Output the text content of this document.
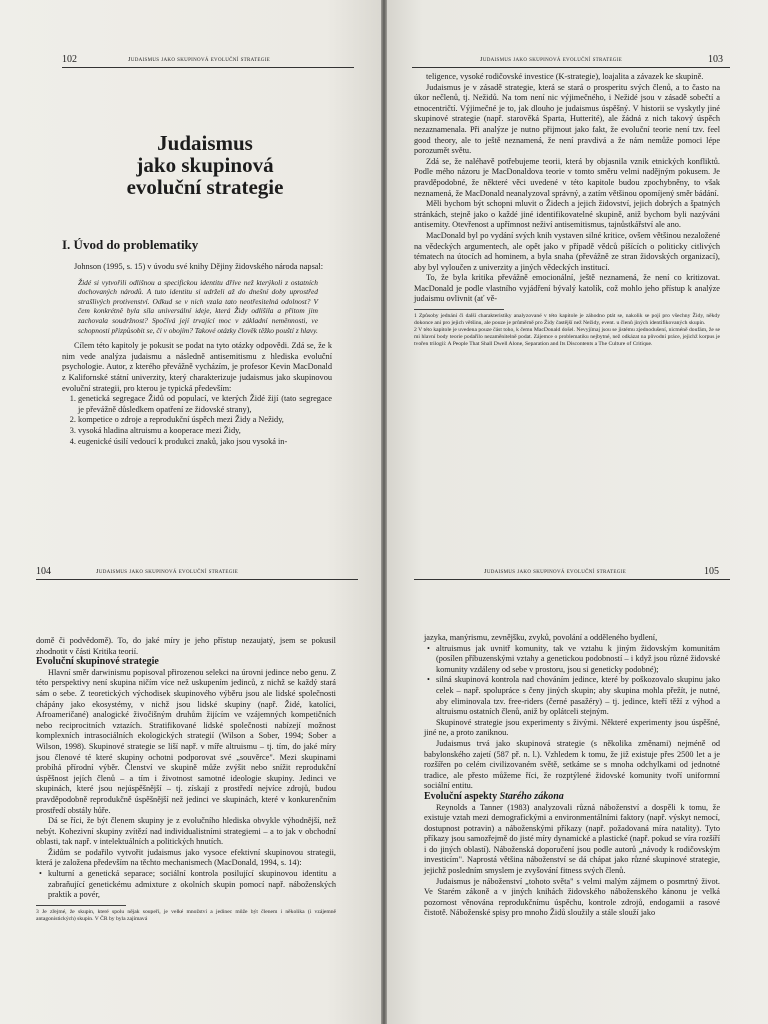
102	Judaismus jako skupinová evoluční strategie
Judaismus
jako skupinová
evoluční strategie
I. Úvod do problematiky

Johnson (1995, s. 15) v úvodu své knihy Dějiny židovského národa napsal:

Židé si vytvořili odlišnou a specifickou identitu dříve než kterýkoli z ostatních dochovaných národů. A tuto identitu si udrželi až do dnešní doby uprostřed strašlivých protivenství. Odkud se v nich vzala tato neotřesitelná odolnost? V čem konkrétně byla síla universální ideje, která Židy odlišila a přitom jim zachovala soudržnost? Spočívá její trvající moc v základní neměnnosti, ve schopnosti přizpůsobit se, či v obojím? Takové otázky člověk těžko pouští z hlavy.

Cílem této kapitoly je pokusit se podat na tyto otázky odpovědi. Zdá se, že k nim vede analýza judaismu a následně antisemitismu z hlediska evoluční psychologie. Autor, z kterého převážně vycházím, je profesor Kevin MacDonald z Kalifornské státní univerzity, který charakterizuje judaismus jako skupinovou evoluční strategii, pro kterou je typická především:

1. genetická segregace Židů od populací, ve kterých Židé žijí (tato segregace je převážně důsledkem opatření ze židovské strany),
2. kompetice o zdroje a reprodukční úspěch mezi Židy a Nežidy,
3. vysoká hladina altruismu a kooperace mezi Židy,
4. eugenické úsilí vedoucí k produkci znaků, jako jsou vysoká in-
Judaismus jako skupinová evoluční strategie	103

teligence, vysoké rodičovské investice (K-strategie), loajalita a závazek ke skupině.

Judaismus je v zásadě strategie, která se stará o prosperitu svých členů, a to často na úkor nečlenů, tj. Nežidů. Na tom není nic výjimečného, i Nežidé jsou v zásadě sobečtí a etnocentričtí. Výjimečné je to, jak dlouho je judaismus úspěšný. V historii se vyskytly jiné skupinové strategie (např. starověká Sparta, Hutterité), ale žádná z nich takový úspěch nezaznamenala. Při analýze je nutno přijmout jako fakt, že evoluční teorie není tzv. feel good theory, ale to ještě neznamená, že není pravdivá a že nám nemůže pomoci lépe porozumět světu.

Zdá se, že naléhavě potřebujeme teorii, která by objasnila vznik etnických konfliktů. Podle mého názoru je MacDonaldova teorie v tomto směru velmi nadějným pokusem. Je pravděpodobné, že některé věci uvedené v této kapitole budou zpochybněny, to však neznamená, že MacDonald neanalyzoval správný, a zatím většinou opomíjený směr bádání.

Měli bychom být schopni mluvit o Židech a jejich židovství, jejich dobrých a špatných stránkách, stejně jako o každé jiné identifikovatelné skupině, aniž bychom byli nazýváni antisemity. Otevřenost a upřímnost neživí antisemitismus, tajnůstkářství ale ano.

MacDonald byl po vydání svých knih vystaven silné kritice, ovšem většinou nezaložené na vědeckých argumentech, ale opět jako v případě vědců píšících o politicky citlivých tématech na útocích ad hominem, a byla snaha (převážně ze stran židovských organizací), aby byl vyloučen z univerzity a jiných vědeckých institucí.

To, že byla kritika převážně emocionální, ještě neznamená, že není co kritizovat. MacDonald je podle vlastního vyjádření bývalý katolík, což mohlo jeho přístup k analýze judaismu ovlivnit (ať vě-

1 Způsoby jednání či další charakteristiky analyzované v této kapitole je záhodno ptát se, nakolik se pojí pro všechny Židy, někdy dokonce ani pro jejich většinu, ale pouze je průměrně pro Židy častější než Nežidy, event. u členů jiných identifikovaných skupin.

2 V této kapitole je uvedena pouze část toho, k čemu MacDonald došel. Nevyjímaj jsou se jistému zjednodušení, nicméně doufám, že se mi hlavní body teorie podařilo nezaměnitelně podat. Zájemce o problematiku nejbytné, než odkázat na původní práce, jejichž korpus je tvořen trilogií: A People That Shall Dwell Alone, Separation and Its Discontents a The Culture of Critique.

104	Judaismus jako skupinová evoluční strategie

domě či podvědomě). To, do jaké míry je jeho přístup nezaujatý, jsem se pokusil zhodnotit v části Kritika teorií.

Evoluční skupinové strategie

Hlavní směr darwinismu popisoval přirozenou selekci na úrovni jedince nebo genu. Z této perspektivy není skupina ničím více než uskupením jedinců, z nichž se každý stará sám o sebe. Z teoretických východisek skupinového výběru jsou ale lidské společnosti chápány jako ekosystémy, v nichž jsou lidské skupiny (např. Židé, katolíci, Afroameričané) analogické živočišným druhům žijícím ve vzájemných kompetičních nebo reciprocitních vztazích. Stratifikované lidské společnosti nabízejí možnost komplexních intrasociálních ekologických strategií (Wilson a Sober, 1994; Sober a Wilson, 1998). Skupinové strategie se liší např. v míře altruismu – tj. tím, do jaké míry jsou členové té které skupiny ochotni podporovat své „souvěrce". Mezi skupinami probíhá přírodní výběr. Členství ve skupině může zvýšit nebo snížit reprodukční úspěšnost jejích členů – a tím i životnost samotné ideologie skupiny. Jedinci ve skupinách, které jsou nejúspěšnější – tj. získají z prostředí nejvíce zdrojů, budou pravděpodobně reprodukčně úspěšnější než jedinci ve skupinách, které v konkurenčním prostředí obstály hůře.

Dá se říci, že být členem skupiny je z evolučního hlediska obvykle výhodnější, než nebýt. Kohezivní skupiny zvítězí nad individualistními strategiemi – a to jak v obchodní oblasti, tak např. v intelektuálních a politických hnutích.

Židům se podařilo vytvořit judaismus jako vysoce efektivní skupinovou strategii, která je založena především na těchto mechanismech (MacDonald, 1994, s. 14):

• kulturní a genetická separace; sociální kontrola posilující skupinovou identitu a zabraňující genetickému admixture z okolních skupin pomocí např. náboženských praktik a povér,

3 Je zřejmé, že skupin, které spolu nějak soupeří, je velké množství a jedinec může být členem i několika (i vzájemně antagonistických) skupin. V ČR by byla zajímavá

Judaismus jako skupinová evoluční strategie	105

jazyka, manýrismu, zevnějšku, zvyků, povolání a odděleného bydlení,

• altruismus jak uvnitř komunity, tak ve vztahu k jiným židovským komunitám (posílen příbuzenskými vztahy a genetickou podobností – i když jsou různé židovské komunity vzdáleny od sebe v prostoru, jsou si geneticky podobné);
• silná skupinová kontrola nad chováním jedince, které by poškozovalo skupinu jako celek – např. spolupráce s čeny jiných skupin; aby skupina mohla přežít, je nutné, aby eliminovala tzv. free-riders (černé pasažéry) – tj. jedince, kteří těží z výhod a altruismu ostatních členů, aniž by oplátceli stejným.

Skupinové strategie jsou experimenty s živými. Některé experimenty jsou úspěšné, jiné ne, a proto zaniknou.

Judaismus trvá jako skupinová strategie (s několika změnami) nejméně od babylonského zajetí (587 př. n. l.). Vzhledem k tomu, že již existuje přes 2500 let a je rozšířen po celém civilizovaném světě, setkáme se s mnoha odchylkami od jednotné tradice, ale přesto můžeme říci, že rozptýlené židovské komunity tvoří uniformní sociální entitu.

Evoluční aspekty Starého zákona

Reynolds a Tanner (1983) analyzovali různá náboženství a dospěli k tomu, že existuje vztah mezi demografickými a environmentálními faktory (např. výskyt nemocí, dostupnost potravin) a náboženskými příkazy (např. požadovaná míra natality). Tyto příkazy jsou samozřejmě do jisté míry dynamické a plastické (např. pokud se víra rozšíří i do jiných oblastí). Náboženská doporučení jsou podle autorů „návody k rodičovským investicím". Naprostá většina náboženství se dá chápat jako různé skupinové strategie, jejichž posledním smyslem je zvyšování fitness svých členů.

Judaismus je náboženství „tohoto světa" s velmi malým zájmem o posmrtný život. Ve Starém zákoně a v jiných knihách židovského náboženského kánonu je velká pozornost věnována reprodukčnímu úspěchu, kontrole zdrojů, endogamii a rasové čistotě. Náboženské spisy pro mnoho Židů sloužily a stále slouží jako
